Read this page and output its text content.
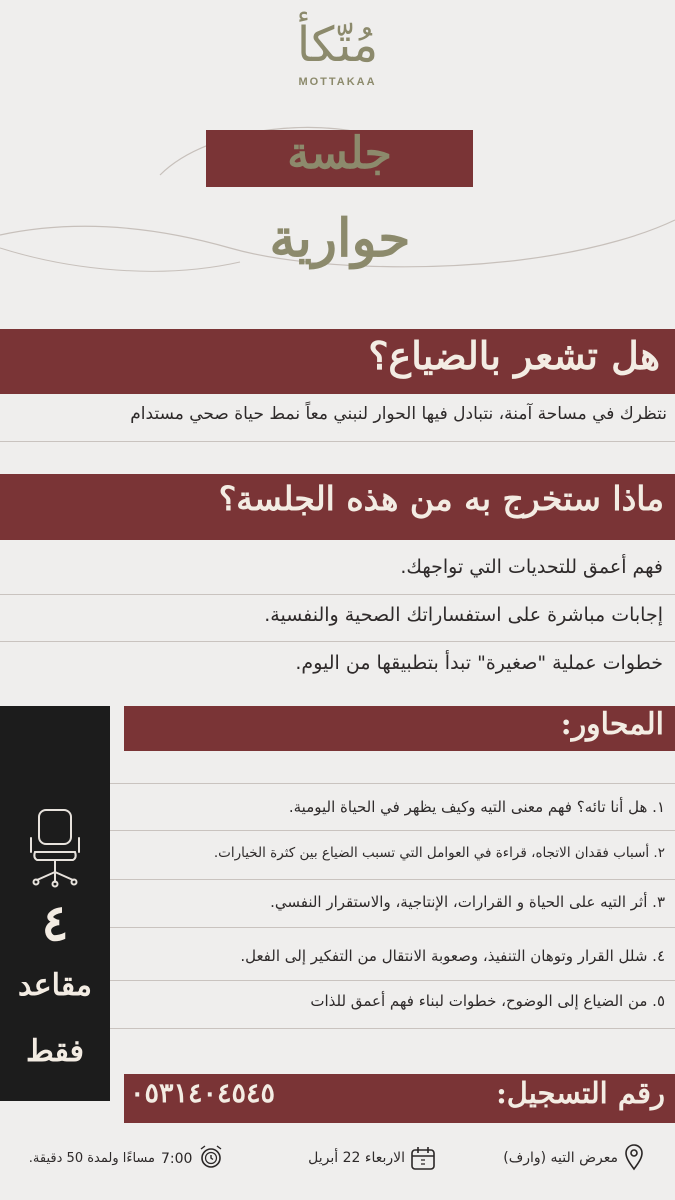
مُتّكأ
MOTTAKAA
جلسة
حوارية
هل تشعر بالضياع؟
نتظرك في مساحة آمنة، نتبادل فيها الحوار لنبني معاً نمط حياة صحي مستدام
ماذا ستخرج به من هذه الجلسة؟
فهم أعمق للتحديات التي تواجهك.
إجابات مباشرة على استفساراتك الصحية والنفسية.
خطوات عملية "صغيرة" تبدأ بتطبيقها من اليوم.
٤
مقاعد
فقط
المحاور:
١. هل أنا تائه؟ فهم معنى التيه وكيف يظهر في الحياة اليومية.
٢. أسباب فقدان الاتجاه، قراءة في العوامل التي تسبب الضياع بين كثرة الخيارات.
٣. أثر التيه على الحياة و القرارات، الإنتاجية، والاستقرار النفسي.
٤. شلل القرار وتوهان التنفيذ، وصعوبة الانتقال من التفكير إلى الفعل.
٥. من الضياع إلى الوضوح، خطوات لبناء فهم أعمق للذات
رقم التسجيل:
٠٥٣١٤٠٤٥٤٥
معرض التيه (وارف)
الاربعاء 22 أبريل
7:00
مساءًا ولمدة 50 دقيقة.
